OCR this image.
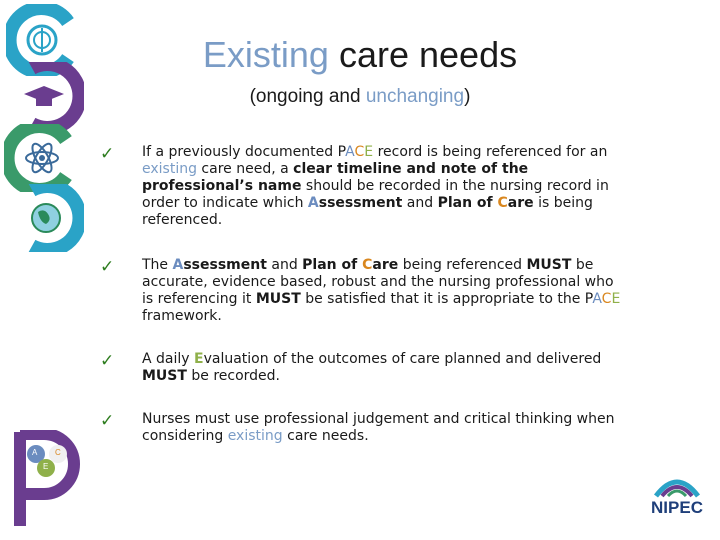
Existing care needs
(ongoing and unchanging)
✓ If a previously documented PACE record is being referenced for an existing care need, a clear timeline and note of the professional’s name should be recorded in the nursing record in order to indicate which Assessment and Plan of Care is being referenced.
✓ The Assessment and Plan of Care being referenced MUST be accurate, evidence based, robust and the nursing professional who is referencing it MUST be satisfied that it is appropriate to the PACE framework.
✓ A daily Evaluation of the outcomes of care planned and delivered MUST be recorded.
✓ Nurses must use professional judgement and critical thinking when considering existing care needs.
A C
E
NIPEC
